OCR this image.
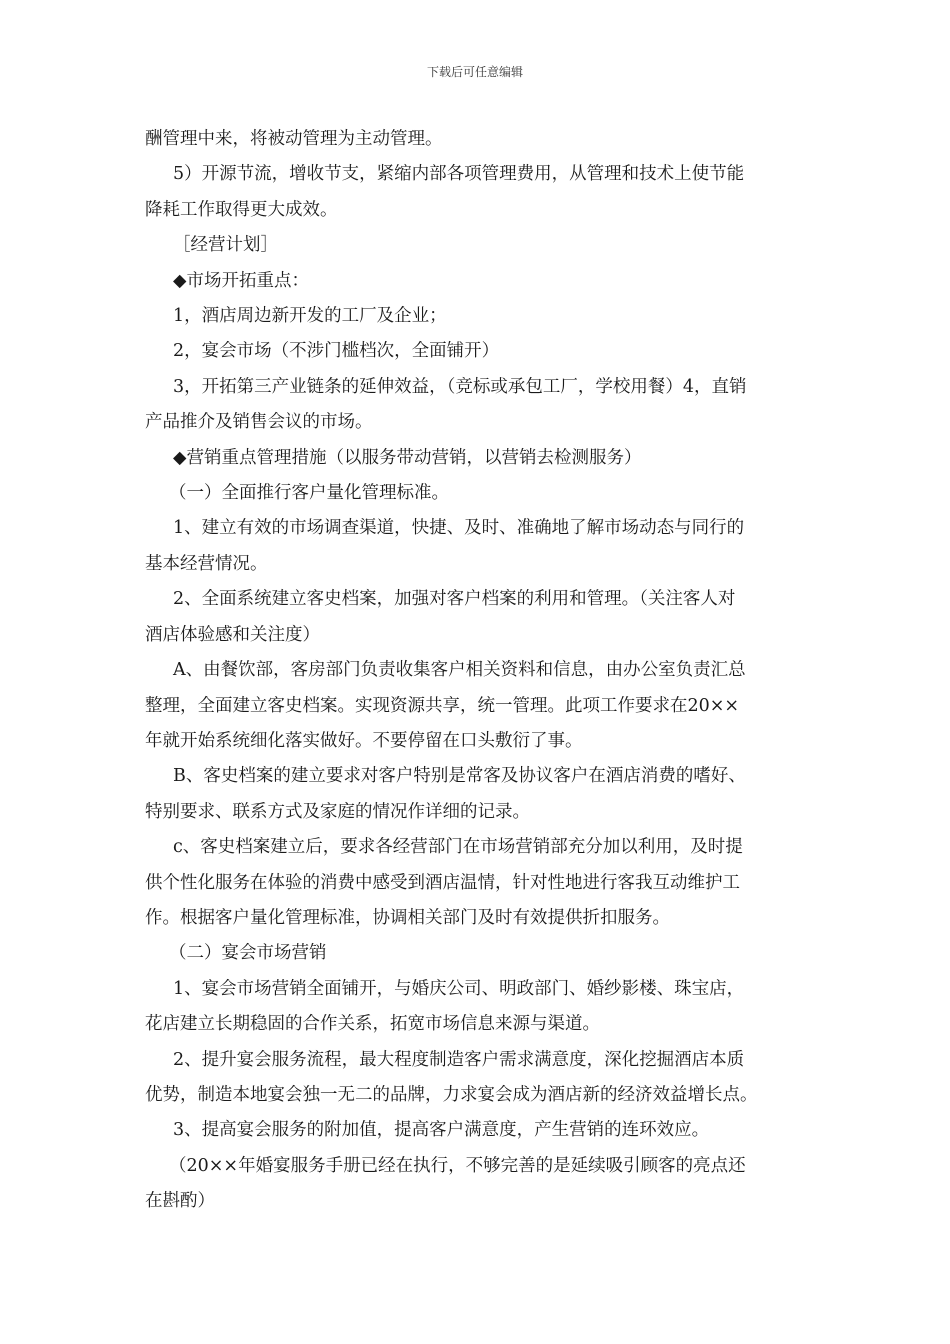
下载后可任意编辑
酬管理中来，将被动管理为主动管理。
5）开源节流，增收节支，紧缩内部各项管理费用，从管理和技术上使节能
降耗工作取得更大成效。
［经营计划］
◆市场开拓重点：
1，酒店周边新开发的工厂及企业；
2，宴会市场（不涉门槛档次，全面铺开）
3，开拓第三产业链条的延伸效益，（竞标或承包工厂，学校用餐）4，直销
产品推介及销售会议的市场。
◆营销重点管理措施（以服务带动营销，以营销去检测服务）
（一）全面推行客户量化管理标准。
1、建立有效的市场调查渠道，快捷、及时、准确地了解市场动态与同行的
基本经营情况。
2、全面系统建立客史档案，加强对客户档案的利用和管理。（关注客人对
酒店体验感和关注度）
A、由餐饮部，客房部门负责收集客户相关资料和信息，由办公室负责汇总
整理，全面建立客史档案。实现资源共享，统一管理。此项工作要求在20××
年就开始系统细化落实做好。不要停留在口头敷衍了事。
B、客史档案的建立要求对客户特别是常客及协议客户在酒店消费的嗜好、
特别要求、联系方式及家庭的情况作详细的记录。
c、客史档案建立后，要求各经营部门在市场营销部充分加以利用，及时提
供个性化服务在体验的消费中感受到酒店温情，针对性地进行客我互动维护工
作。根据客户量化管理标准，协调相关部门及时有效提供折扣服务。
（二）宴会市场营销
1、宴会市场营销全面铺开，与婚庆公司、明政部门、婚纱影楼、珠宝店，
花店建立长期稳固的合作关系，拓宽市场信息来源与渠道。
2、提升宴会服务流程，最大程度制造客户需求满意度，深化挖掘酒店本质
优势，制造本地宴会独一无二的品牌，力求宴会成为酒店新的经济效益增长点。
3、提高宴会服务的附加值，提高客户满意度，产生营销的连环效应。
（20××年婚宴服务手册已经在执行，不够完善的是延续吸引顾客的亮点还
在斟酌）
